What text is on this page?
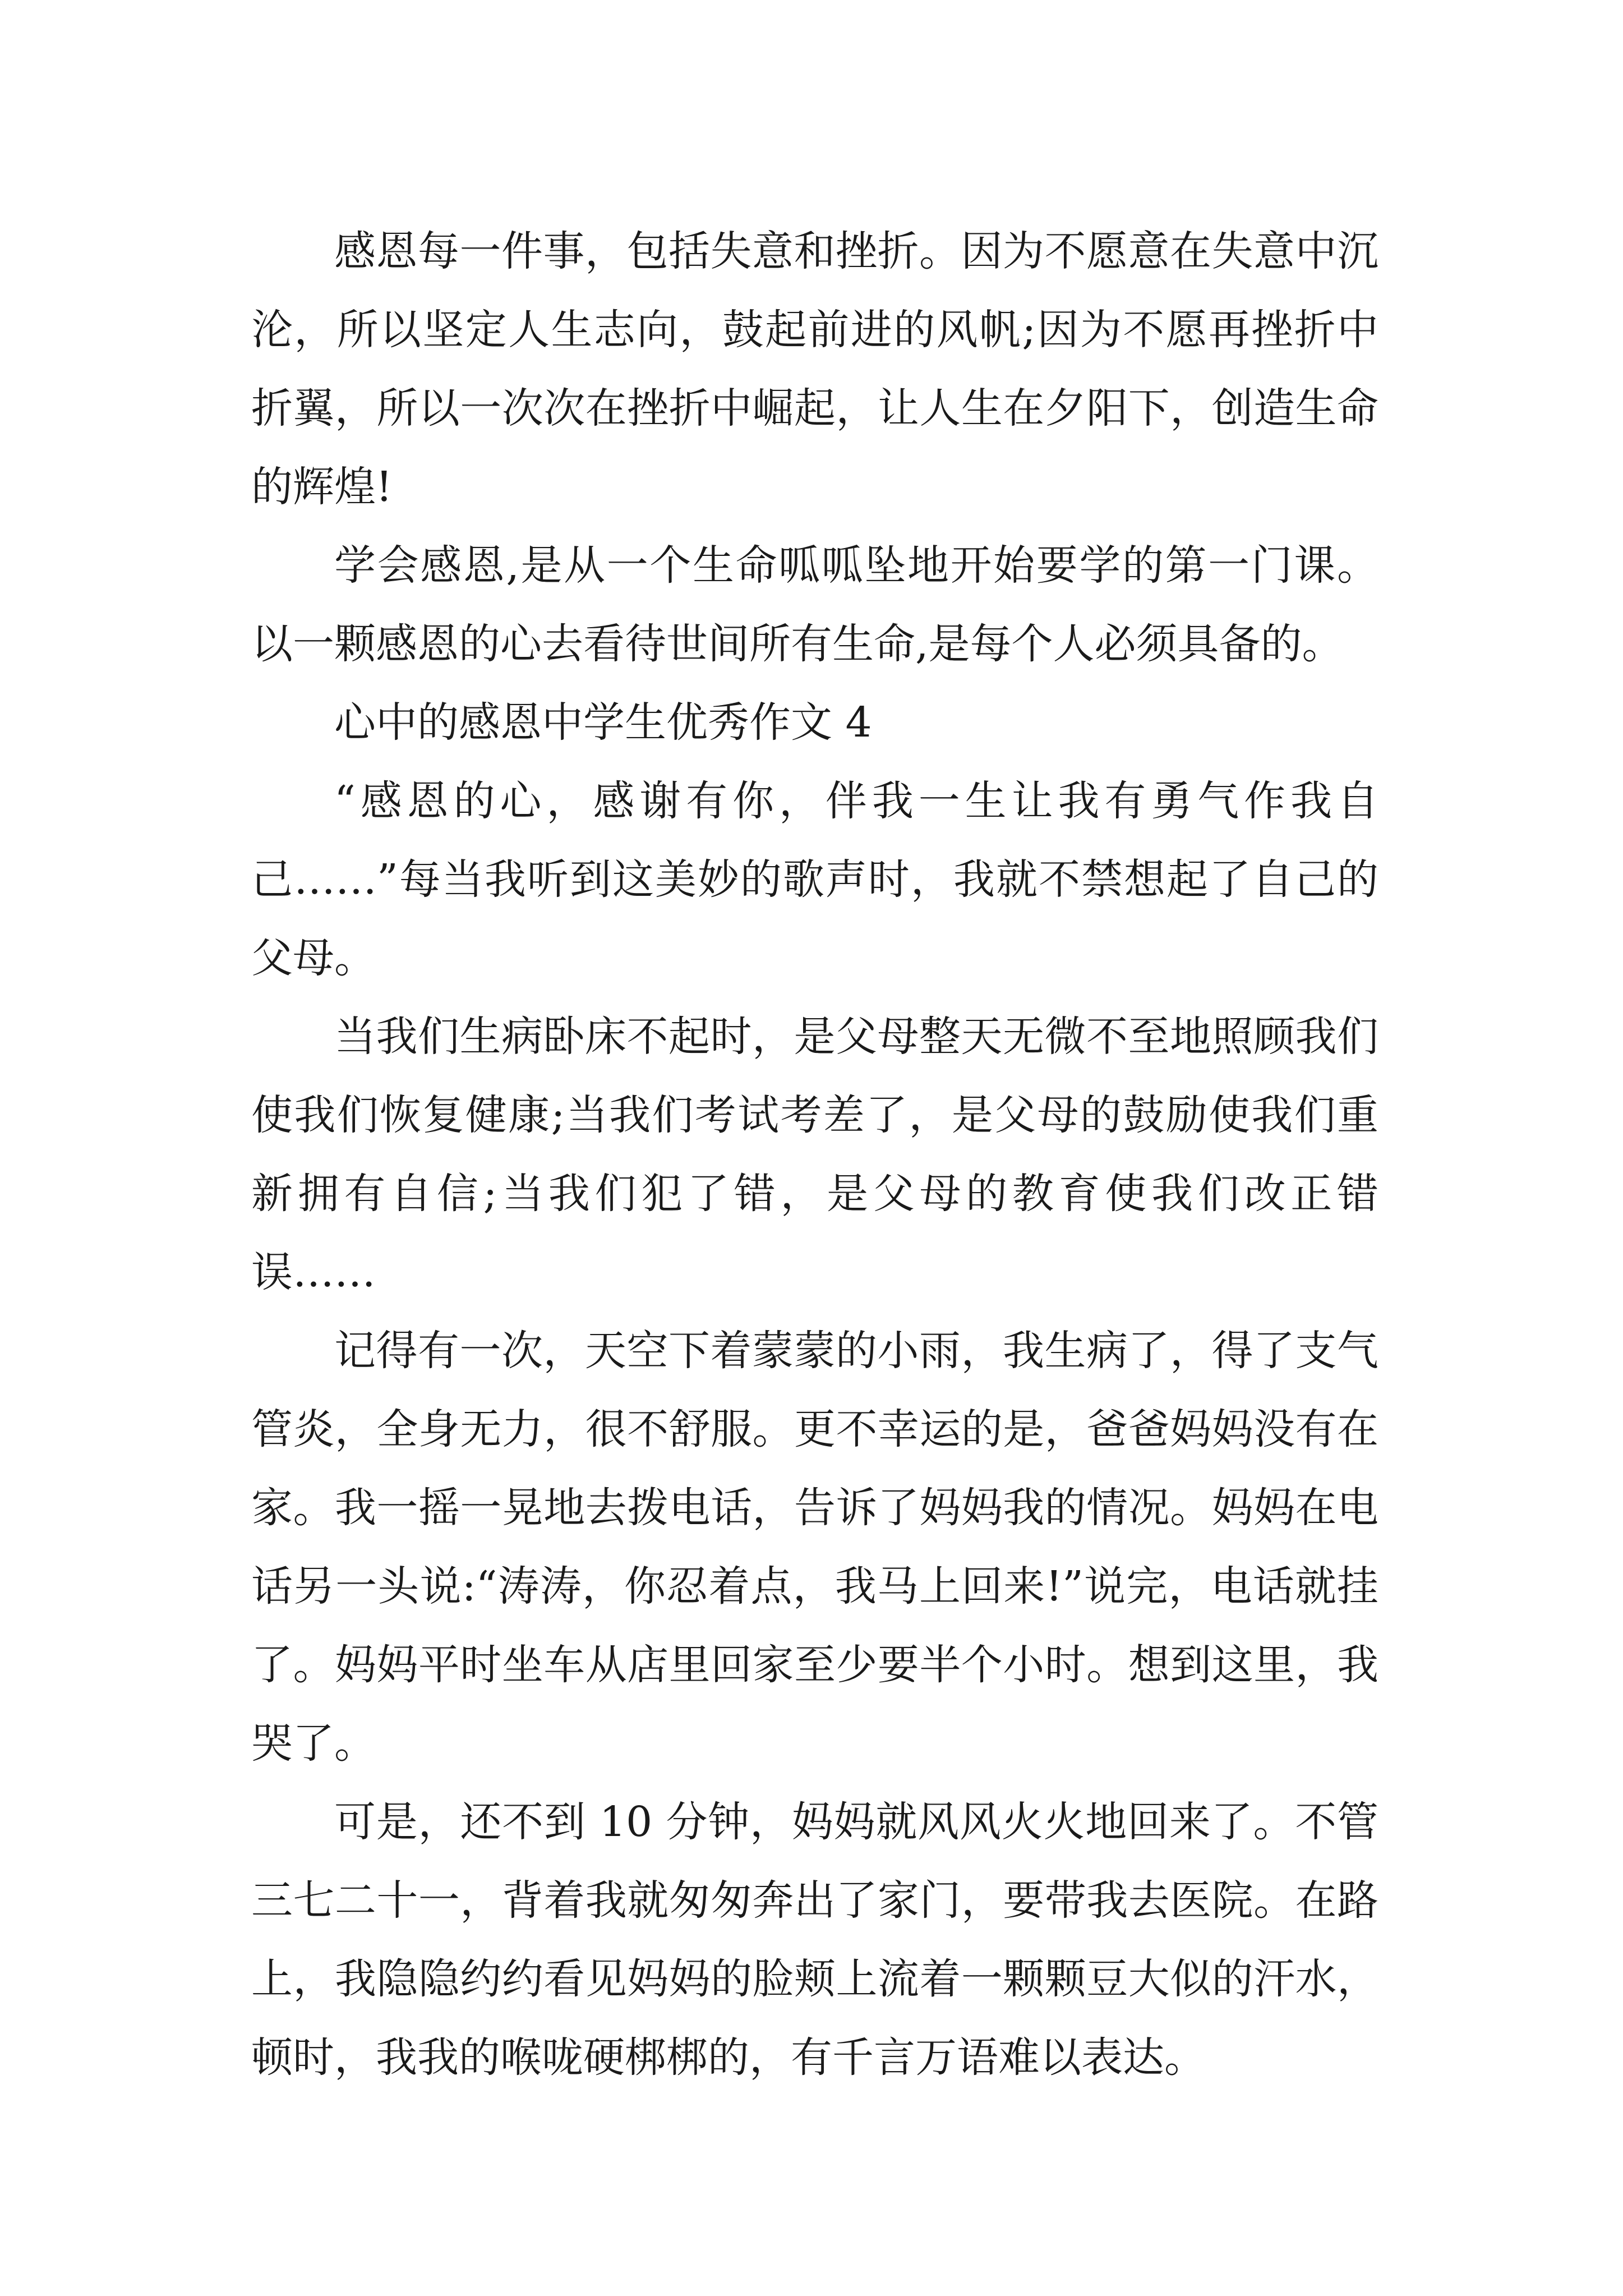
感恩每一件事，包括失意和挫折。因为不愿意在失意中沉沦，所以坚定人生志向，鼓起前进的风帆;因为不愿再挫折中折翼，所以一次次在挫折中崛起，让人生在夕阳下，创造生命的辉煌!

学会感恩,是从一个生命呱呱坠地开始要学的第一门课。以一颗感恩的心去看待世间所有生命,是每个人必须具备的。

心中的感恩中学生优秀作文 4

“感恩的心，感谢有你，伴我一生让我有勇气作我自己……”每当我听到这美妙的歌声时，我就不禁想起了自己的父母。

当我们生病卧床不起时，是父母整天无微不至地照顾我们使我们恢复健康;当我们考试考差了，是父母的鼓励使我们重新拥有自信;当我们犯了错，是父母的教育使我们改正错误……

记得有一次，天空下着蒙蒙的小雨，我生病了，得了支气管炎，全身无力，很不舒服。更不幸运的是，爸爸妈妈没有在家。我一摇一晃地去拨电话，告诉了妈妈我的情况。妈妈在电话另一头说:“涛涛，你忍着点，我马上回来!”说完，电话就挂了。妈妈平时坐车从店里回家至少要半个小时。想到这里，我哭了。

可是，还不到 10 分钟，妈妈就风风火火地回来了。不管三七二十一，背着我就匆匆奔出了家门，要带我去医院。在路上，我隐隐约约看见妈妈的脸颊上流着一颗颗豆大似的汗水，顿时，我我的喉咙硬梆梆的，有千言万语难以表达。
